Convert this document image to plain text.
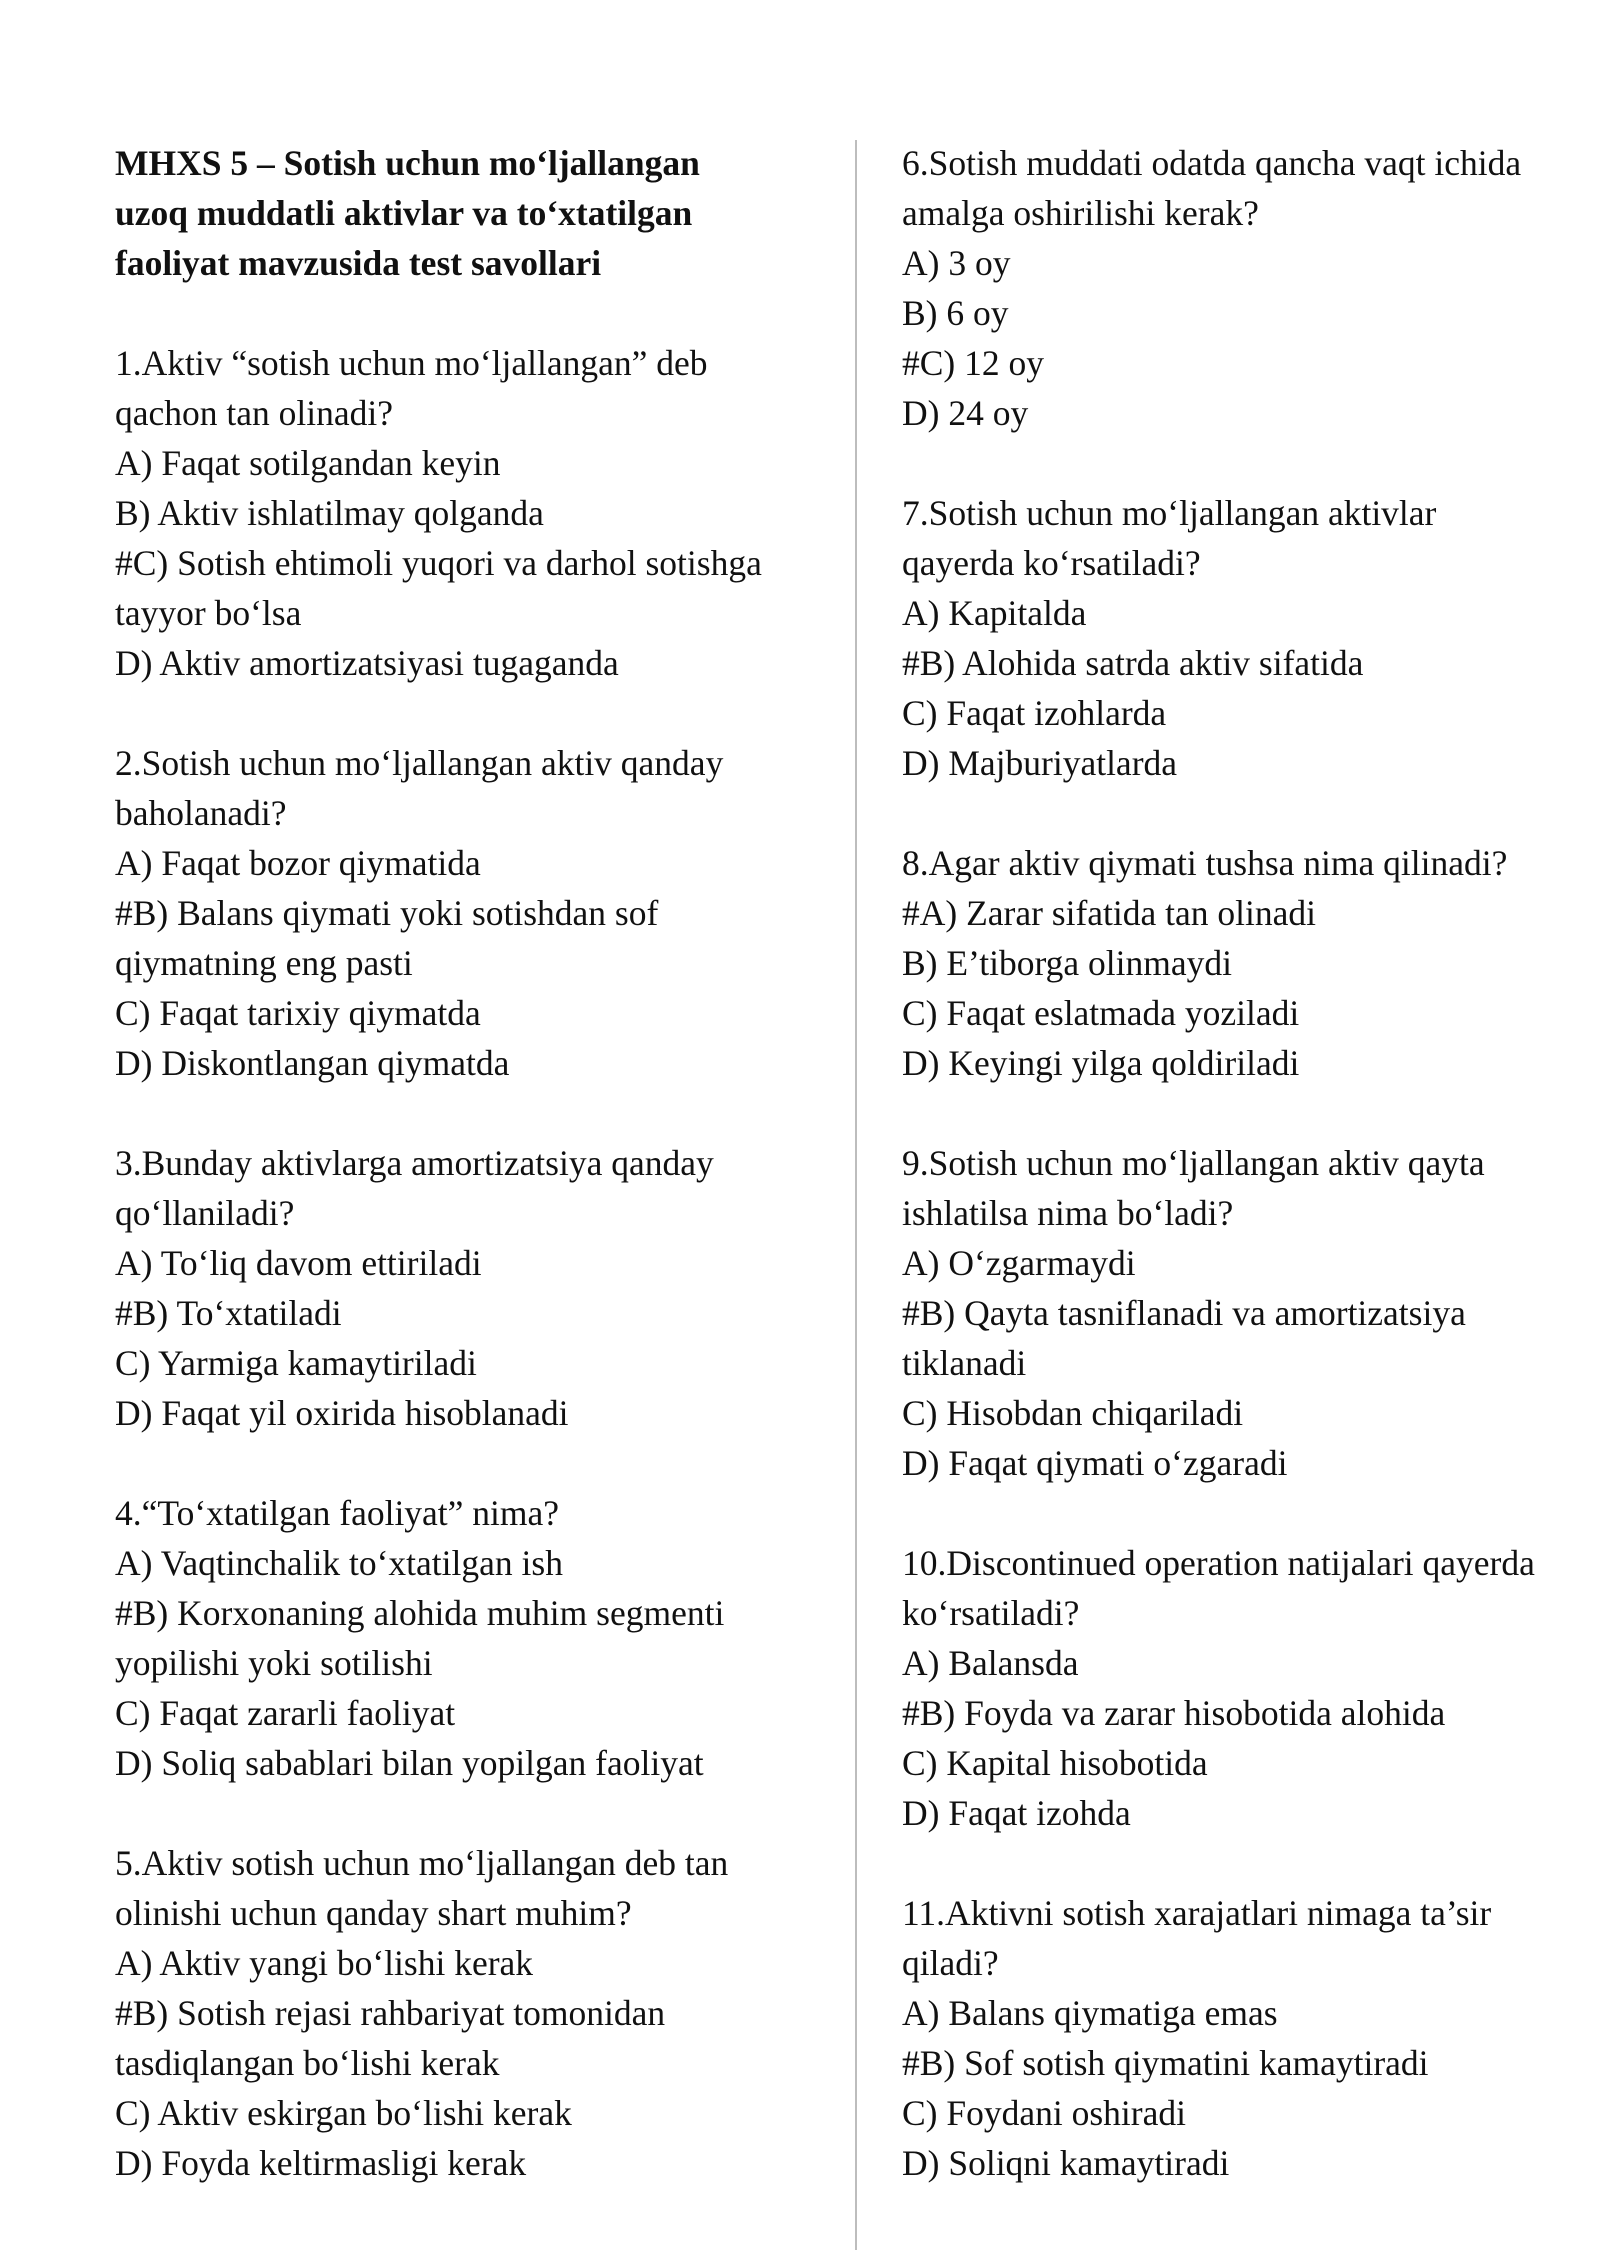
MHXS 5 – Sotish uchun mo‘ljallangan
uzoq muddatli aktivlar va to‘xtatilgan
faoliyat mavzusida test savollari
1.Aktiv “sotish uchun mo‘ljallangan” deb
qachon tan olinadi?
A) Faqat sotilgandan keyin
B) Aktiv ishlatilmay qolganda
#C) Sotish ehtimoli yuqori va darhol sotishga
tayyor bo‘lsa
D) Aktiv amortizatsiyasi tugaganda
2.Sotish uchun mo‘ljallangan aktiv qanday
baholanadi?
A) Faqat bozor qiymatida
#B) Balans qiymati yoki sotishdan sof
qiymatning eng pasti
C) Faqat tarixiy qiymatda
D) Diskontlangan qiymatda
3.Bunday aktivlarga amortizatsiya qanday
qo‘llaniladi?
A) To‘liq davom ettiriladi
#B) To‘xtatiladi
C) Yarmiga kamaytiriladi
D) Faqat yil oxirida hisoblanadi
4.“To‘xtatilgan faoliyat” nima?
A) Vaqtinchalik to‘xtatilgan ish
#B) Korxonaning alohida muhim segmenti
yopilishi yoki sotilishi
C) Faqat zararli faoliyat
D) Soliq sabablari bilan yopilgan faoliyat
5.Aktiv sotish uchun mo‘ljallangan deb tan
olinishi uchun qanday shart muhim?
A) Aktiv yangi bo‘lishi kerak
#B) Sotish rejasi rahbariyat tomonidan
tasdiqlangan bo‘lishi kerak
C) Aktiv eskirgan bo‘lishi kerak
D) Foyda keltirmasligi kerak
6.Sotish muddati odatda qancha vaqt ichida
amalga oshirilishi kerak?
A) 3 oy
B) 6 oy
#C) 12 oy
D) 24 oy
7.Sotish uchun mo‘ljallangan aktivlar
qayerda ko‘rsatiladi?
A) Kapitalda
#B) Alohida satrda aktiv sifatida
C) Faqat izohlarda
D) Majburiyatlarda
8.Agar aktiv qiymati tushsa nima qilinadi?
#A) Zarar sifatida tan olinadi
B) E’tiborga olinmaydi
C) Faqat eslatmada yoziladi
D) Keyingi yilga qoldiriladi
9.Sotish uchun mo‘ljallangan aktiv qayta
ishlatilsa nima bo‘ladi?
A) O‘zgarmaydi
#B) Qayta tasniflanadi va amortizatsiya
tiklanadi
C) Hisobdan chiqariladi
D) Faqat qiymati o‘zgaradi
10.Discontinued operation natijalari qayerda
ko‘rsatiladi?
A) Balansda
#B) Foyda va zarar hisobotida alohida
C) Kapital hisobotida
D) Faqat izohda
11.Aktivni sotish xarajatlari nimaga ta’sir
qiladi?
A) Balans qiymatiga emas
#B) Sof sotish qiymatini kamaytiradi
C) Foydani oshiradi
D) Soliqni kamaytiradi
